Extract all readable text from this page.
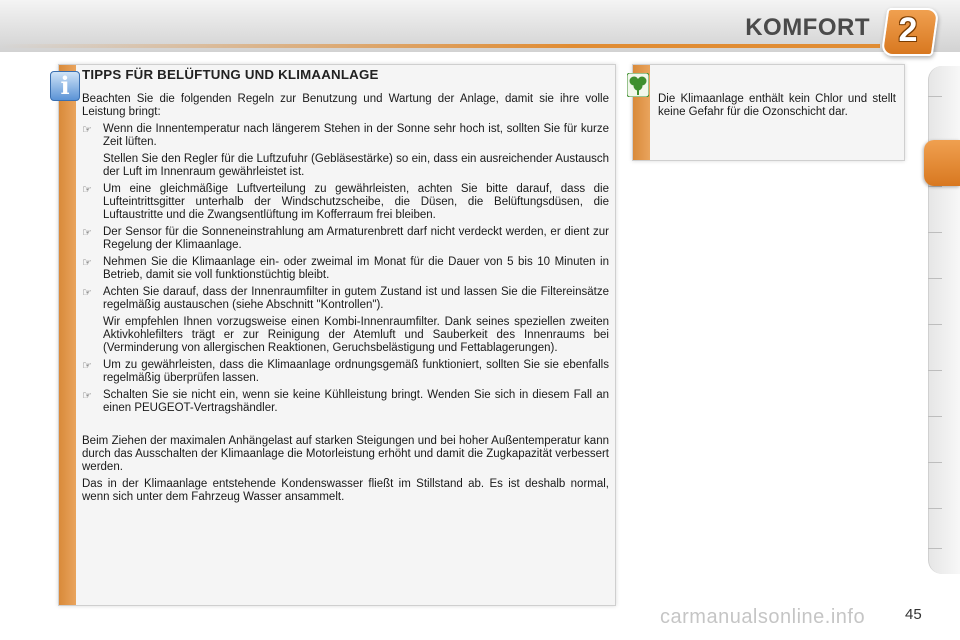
KOMFORT 2
i TIPPS FÜR BELÜFTUNG UND KLIMAANLAGE

Beachten Sie die folgenden Regeln zur Benutzung und Wartung der Anlage, damit sie ihre volle Leistung bringt:

☞ Wenn die Innentemperatur nach längerem Stehen in der Sonne sehr hoch ist, sollten Sie für kurze Zeit lüften.

Stellen Sie den Regler für die Luftzufuhr (Gebläsestärke) so ein, dass ein ausreichender Austausch der Luft im Innenraum gewährleistet ist.

☞ Um eine gleichmäßige Luftverteilung zu gewährleisten, achten Sie bitte darauf, dass die Lufteintrittsgitter unterhalb der Windschutzscheibe, die Düsen, die Belüftungsdüsen, die Luftaustritte und die Zwangsentlüftung im Kofferraum frei bleiben.

☞ Der Sensor für die Sonneneinstrahlung am Armaturenbrett darf nicht verdeckt werden, er dient zur Regelung der Klimaanlage.

☞ Nehmen Sie die Klimaanlage ein- oder zweimal im Monat für die Dauer von 5 bis 10 Minuten in Betrieb, damit sie voll funktionstüchtig bleibt.

☞ Achten Sie darauf, dass der Innenraumfilter in gutem Zustand ist und lassen Sie die Filtereinsätze regelmäßig austauschen (siehe Abschnitt "Kontrollen").

Wir empfehlen Ihnen vorzugsweise einen Kombi-Innenraumfilter. Dank seines speziellen zweiten Aktivkohlefilters trägt er zur Reinigung der Atemluft und Sauberkeit des Innenraums bei (Verminderung von allergischen Reaktionen, Geruchsbelästigung und Fettablagerungen).

☞ Um zu gewährleisten, dass die Klimaanlage ordnungsgemäß funktioniert, sollten Sie sie ebenfalls regelmäßig überprüfen lassen.

☞ Schalten Sie sie nicht ein, wenn sie keine Kühlleistung bringt. Wenden Sie sich in diesem Fall an einen PEUGEOT-Vertragshändler.

Beim Ziehen der maximalen Anhängelast auf starken Steigungen und bei hoher Außentemperatur kann durch das Ausschalten der Klimaanlage die Motorleistung erhöht und damit die Zugkapazität verbessert werden.

Das in der Klimaanlage entstehende Kondenswasser fließt im Stillstand ab. Es ist deshalb normal, wenn sich unter dem Fahrzeug Wasser ansammelt.

Die Klimaanlage enthält kein Chlor und stellt keine Gefahr für die Ozonschicht dar.
carmanualsonline.info	45
